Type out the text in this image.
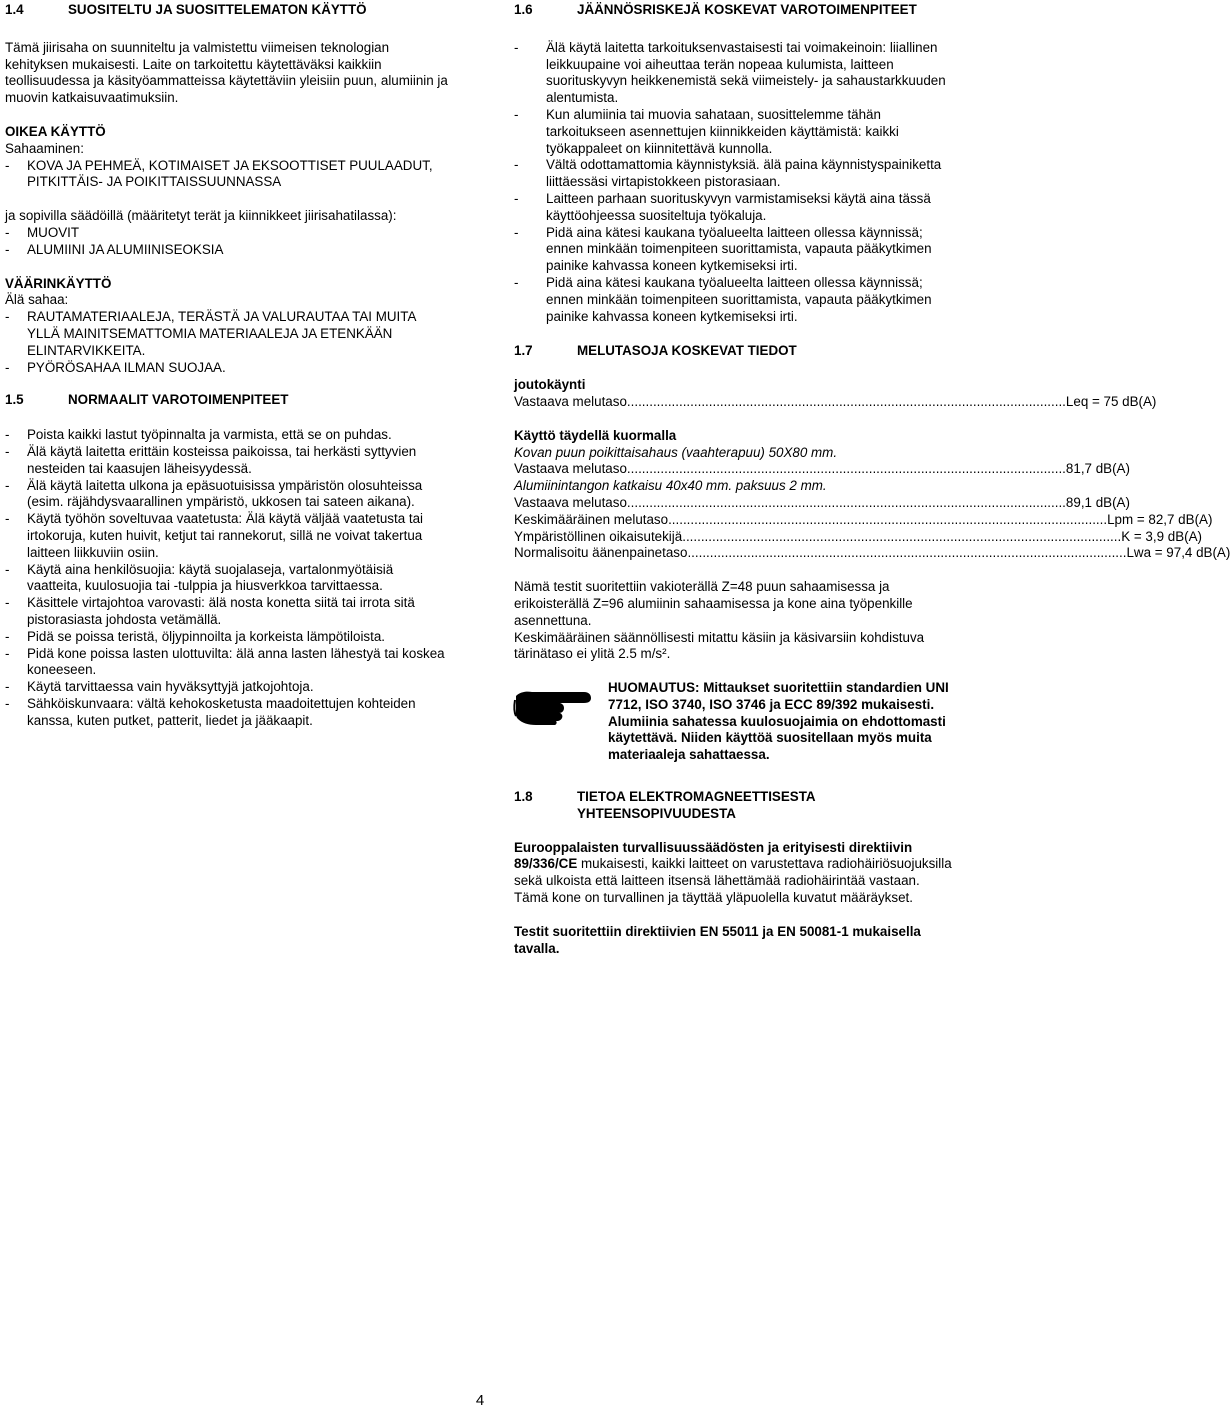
1.4	SUOSITELTU JA SUOSITTELEMATON KÄYTTÖ

Tämä jiirisaha on suunniteltu ja valmistettu viimeisen teknologian kehityksen mukaisesti. Laite on tarkoitettu käytettäväksi kaikkiin teollisuudessa ja käsityöammatteissa käytettäviin yleisiin puun, alumiinin ja muovin katkaisuvaatimuksiin.

OIKEA KÄYTTÖ

Sahaaminen:

-	KOVA JA PEHMEÄ, KOTIMAISET JA EKSOOTTISET PUULAADUT, PITKITTÄIS- JA POIKITTAISSUUNNASSA

ja sopivilla säädöillä (määritetyt terät ja kiinnikkeet jiirisahatilassa):

-	MUOVIT
-	ALUMIINI JA ALUMIINISEOKSIA

VÄÄRINKÄYTTÖ

Älä sahaa:

-	RAUTAMATERIAALEJA, TERÄSTÄ JA VALURAUTAA TAI MUITA YLLÄ MAINITSEMATTOMIA MATERIAALEJA JA ETENKÄÄN ELINTARVIKKEITA.
-	PYÖRÖSAHAA ILMAN SUOJAA.
1.5	NORMAALIT VAROTOIMENPITEET
-	Poista kaikki lastut työpinnalta ja varmista, että se on puhdas.
-	Älä käytä laitetta erittäin kosteissa paikoissa, tai herkästi syttyvien nesteiden tai kaasujen läheisyydessä.
-	Älä käytä laitetta ulkona ja epäsuotuisissa ympäristön olosuhteissa (esim. räjähdysvaarallinen ympäristö, ukkosen tai sateen aikana).
-	Käytä työhön soveltuvaa vaatetusta: Älä käytä väljää vaatetusta tai irtokoruja, kuten huivit, ketjut tai rannekorut, sillä ne voivat takertua laitteen liikkuviin osiin.
-	Käytä aina henkilösuojia: käytä suojalaseja, vartalonmyötäisiä vaatteita, kuulosuojia tai -tulppia ja hiusverkkoa tarvittaessa.
-	Käsittele virtajohtoa varovasti: älä nosta konetta siitä tai irrota sitä pistorasiasta johdosta vetämällä.
-	Pidä se poissa teristä, öljypinnoilta ja korkeista lämpötiloista.
-	Pidä kone poissa lasten ulottuvilta: älä anna lasten lähestyä tai koskea koneeseen.
-	Käytä tarvittaessa vain hyväksyttyjä jatkojohtoja.
-	Sähköiskunvaara: vältä kehokosketusta maadoitettujen kohteiden kanssa, kuten putket, patterit, liedet ja jääkaapit.
1.6	JÄÄNNÖSRISKEJÄ KOSKEVAT VAROTOIMENPITEET
-	Älä käytä laitetta tarkoituksenvastaisesti tai voimakeinoin: liiallinen leikkuupaine voi aiheuttaa terän nopeaa kulumista, laitteen suorituskyvyn heikkenemistä sekä viimeistely- ja sahaustarkkuuden alentumista.
-	Kun alumiinia tai muovia sahataan, suosittelemme tähän tarkoitukseen asennettujen kiinnikkeiden käyttämistä: kaikki työkappaleet on kiinnitettävä kunnolla.
-	Vältä odottamattomia käynnistyksiä. älä paina käynnistyspainiketta liittäessäsi virtapistokkeen pistorasiaan.
-	Laitteen parhaan suorituskyvyn varmistamiseksi käytä aina tässä käyttöohjeessa suositeltuja työkaluja.
-	Pidä aina kätesi kaukana työalueelta laitteen ollessa käynnissä; ennen minkään toimenpiteen suorittamista, vapauta pääkytkimen painike kahvassa koneen kytkemiseksi irti.
-	Pidä aina kätesi kaukana työalueelta laitteen ollessa käynnissä; ennen minkään toimenpiteen suorittamista, vapauta pääkytkimen painike kahvassa koneen kytkemiseksi irti.
1.7	MELUTASOJA KOSKEVAT TIEDOT

joutokäynti

Vastaava melutaso ...................................................................................................................... Leq = 75 dB(A)

Käyttö täydellä kuormalla

Kovan puun poikittaisahaus (vaahterapuu) 50X80 mm.

Vastaava melutaso ...................................................................................................................... 81,7 dB(A)

Alumiinintangon katkaisu 40x40 mm. paksuus 2 mm.

Vastaava melutaso ...................................................................................................................... 89,1 dB(A)
Keskimääräinen melutaso ...................................................................................................................... Lpm = 82,7 dB(A)
Ympäristöllinen oikaisutekijä ...................................................................................................................... K = 3,9 dB(A)
Normalisoitu äänenpainetaso ...................................................................................................................... Lwa = 97,4 dB(A)

Nämä testit suoritettiin vakioterällä Z=48 puun sahaamisessa ja erikoisterällä Z=96 alumiinin sahaamisessa ja kone aina työpenkille asennettuna.

Keskimääräinen säännöllisesti mitattu käsiin ja käsivarsiin kohdistuva tärinätaso ei ylitä 2.5 m/s².

HUOMAUTUS: Mittaukset suoritettiin standardien UNI 7712, ISO 3740, ISO 3746 ja ECC 89/392 mukaisesti. Alumiinia sahatessa kuulosuojaimia on ehdottomasti käytettävä. Niiden käyttöä suositellaan myös muita materiaaleja sahattaessa.
1.8	TIETOA ELEKTROMAGNEETTISESTA YHTEENSOPIVUUDESTA

Eurooppalaisten turvallisuussäädösten ja erityisesti direktiivin 89/336/CE mukaisesti, kaikki laitteet on varustettava radiohäiriösuojuksilla sekä ulkoista että laitteen itsensä lähettämää radiohäirintää vastaan.

Tämä kone on turvallinen ja täyttää yläpuolella kuvatut määräykset.

Testit suoritettiin direktiivien EN 55011 ja EN 50081-1 mukaisella tavalla.

4
